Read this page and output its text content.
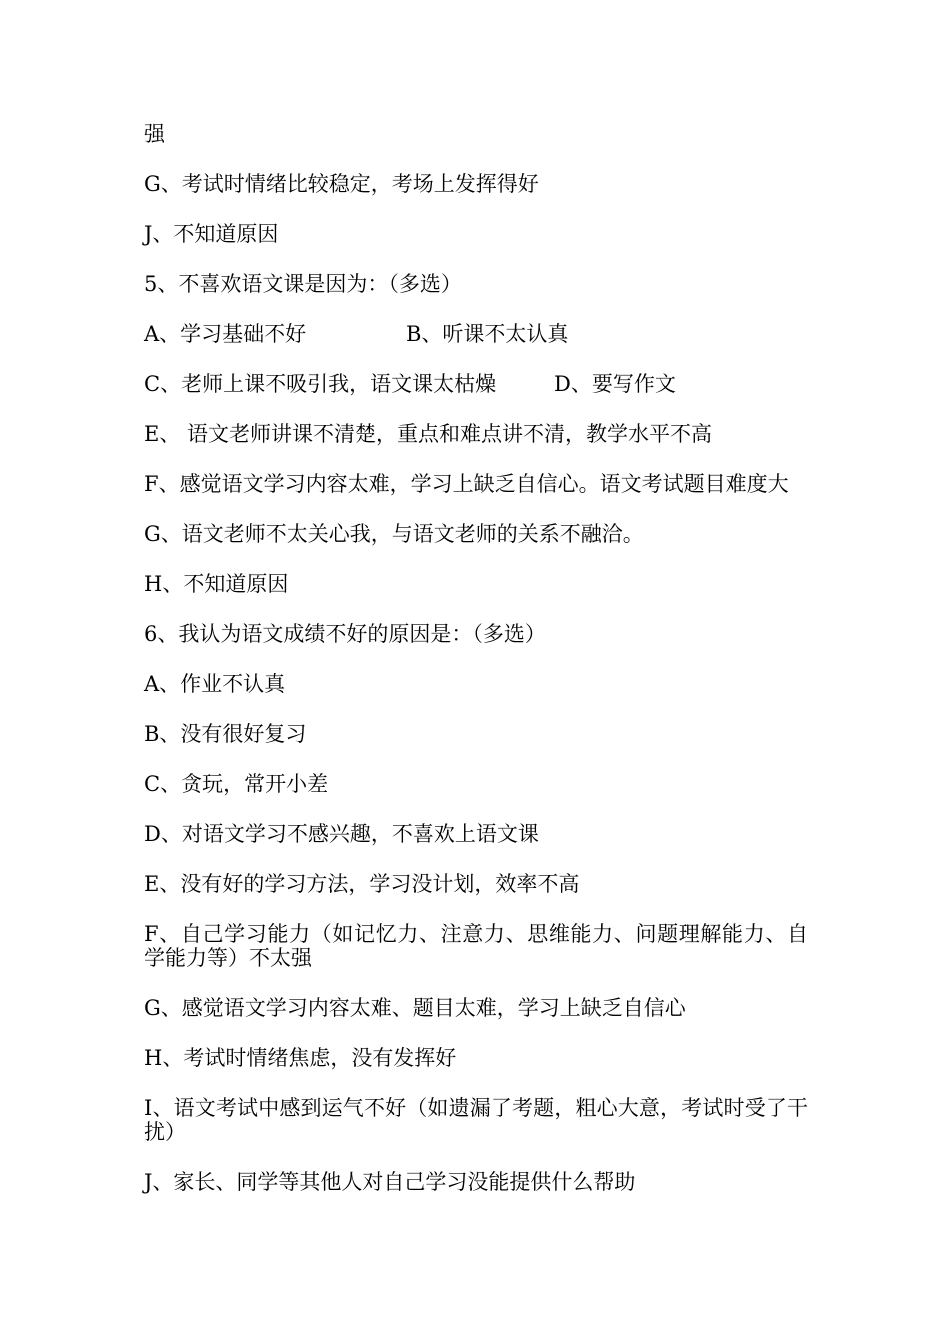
强
G、考试时情绪比较稳定，考场上发挥得好
J、不知道原因
5、不喜欢语文课是因为：（多选）
A、学习基础不好	B、听课不太认真
C、老师上课不吸引我，语文课太枯燥	D、要写作文
E、 语文老师讲课不清楚，重点和难点讲不清，教学水平不高
F、感觉语文学习内容太难，学习上缺乏自信心。语文考试题目难度大
G、语文老师不太关心我，与语文老师的关系不融洽。
H、不知道原因
6、我认为语文成绩不好的原因是：（多选）
A、作业不认真
B、没有很好复习
C、贪玩，常开小差
D、对语文学习不感兴趣，不喜欢上语文课
E、没有好的学习方法，学习没计划，效率不高
F、自己学习能力（如记忆力、注意力、思维能力、问题理解能力、自学能力等）不太强
G、感觉语文学习内容太难、题目太难，学习上缺乏自信心
H、考试时情绪焦虑，没有发挥好
I、语文考试中感到运气不好（如遗漏了考题，粗心大意，考试时受了干扰）
J、家长、同学等其他人对自己学习没能提供什么帮助
